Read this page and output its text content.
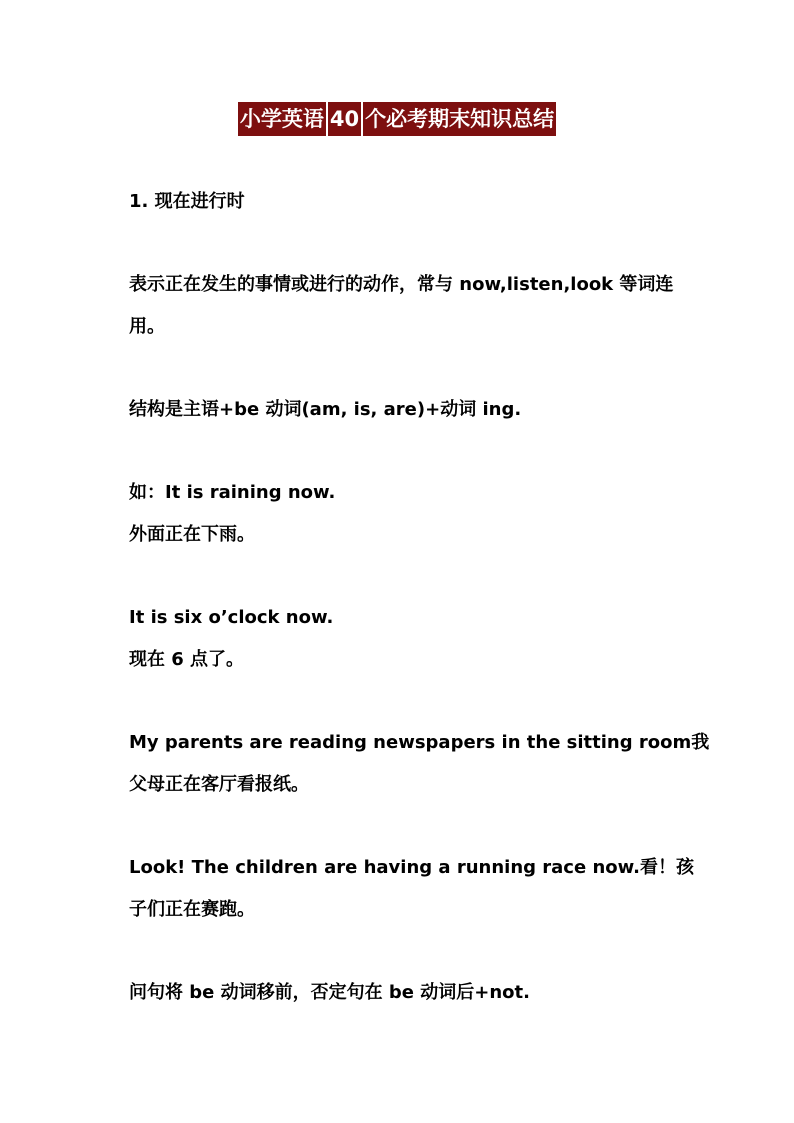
小学英语 40 个必考期末知识总结
1. 现在进行时
表示正在发生的事情或进行的动作，常与 now,listen,look 等词连
用。
结构是主语+be 动词(am, is, are)+动词 ing.
如：It is raining now.
外面正在下雨。
It is six o’clock now.
现在 6 点了。
My parents are reading newspapers in the sitting room我
父母正在客厅看报纸。
Look! The children are having a running race now.看！孩
子们正在赛跑。
问句将 be 动词移前，否定句在 be 动词后+not.
